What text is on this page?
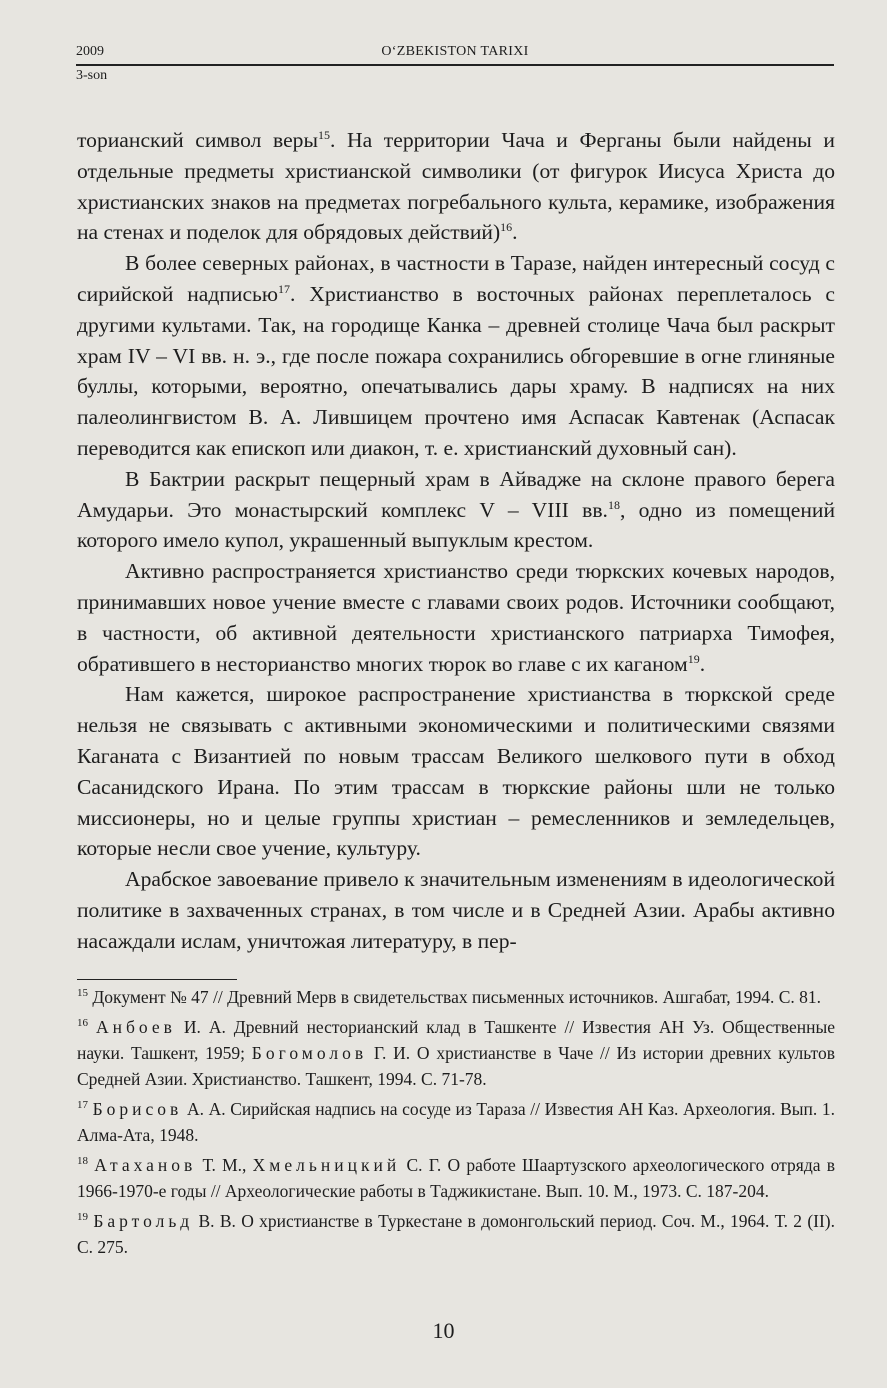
2009	O‘ZBEKISTON TARIXI
3-son

торианский символ веры$^{15}$. На территории Чача и Ферганы были найдены и отдельные предметы христианской символики (от фигурок Иисуса Христа до христианских знаков на предметах погребального культа, керамике, изображения на стенах и поделок для обрядовых действий)$^{16}$.

В более северных районах, в частности в Таразе, найден интересный сосуд с сирийской надписью$^{17}$. Христианство в восточных районах переплеталось с другими культами. Так, на городище Канка – древней столице Чача был раскрыт храм IV – VI вв. н. э., где после пожара сохранились обгоревшие в огне глиняные буллы, которыми, вероятно, опечатывались дары храму. В надписях на них палеолингвистом В. А. Лившицем прочтено имя Аспасак Кавтенак (Аспасак переводится как епископ или диакон, т. е. христианский духовный сан).

В Бактрии раскрыт пещерный храм в Айвадже на склоне правого берега Амударьи. Это монастырский комплекс V – VIII вв.$^{18}$, одно из помещений которого имело купол, украшенный выпуклым крестом.

Активно распространяется христианство среди тюркских кочевых народов, принимавших новое учение вместе с главами своих родов. Источники сообщают, в частности, об активной деятельности христианского патриарха Тимофея, обратившего в несторианство многих тюрок во главе с их каганом$^{19}$.

Нам кажется, широкое распространение христианства в тюркской среде нельзя не связывать с активными экономическими и политическими связями Каганата с Византией по новым трассам Великого шелкового пути в обход Сасанидского Ирана. По этим трассам в тюркские районы шли не только миссионеры, но и целые группы христиан – ремесленников и земледельцев, которые несли свое учение, культуру.

Арабское завоевание привело к значительным изменениям в идеологической политике в захваченных странах, в том числе и в Средней Азии. Арабы активно насаждали ислам, уничтожая литературу, в пер-

$^{15}$ Документ № 47 // Древний Мерв в свидетельствах письменных источников. Ашгабат, 1994. С. 81.

$^{16}$ Анбоев И. А. Древний несторианский клад в Ташкенте // Известия АН Уз. Общественные науки. Ташкент, 1959; Богомолов Г. И. О христианстве в Чаче // Из истории древних культов Средней Азии. Христианство. Ташкент, 1994. С. 71-78.

$^{17}$ Борисов А. А. Сирийская надпись на сосуде из Тараза // Известия АН Каз. Археология. Вып. 1. Алма-Ата, 1948.

$^{18}$ Атаханов Т. М., Хмельницкий С. Г. О работе Шаартузского археологического отряда в 1966-1970-е годы // Археологические работы в Таджикистане. Вып. 10. М., 1973. С. 187-204.

$^{19}$ Бартольд В. В. О христианстве в Туркестане в домонгольский период. Соч. М., 1964. Т. 2 (II). С. 275.

10
